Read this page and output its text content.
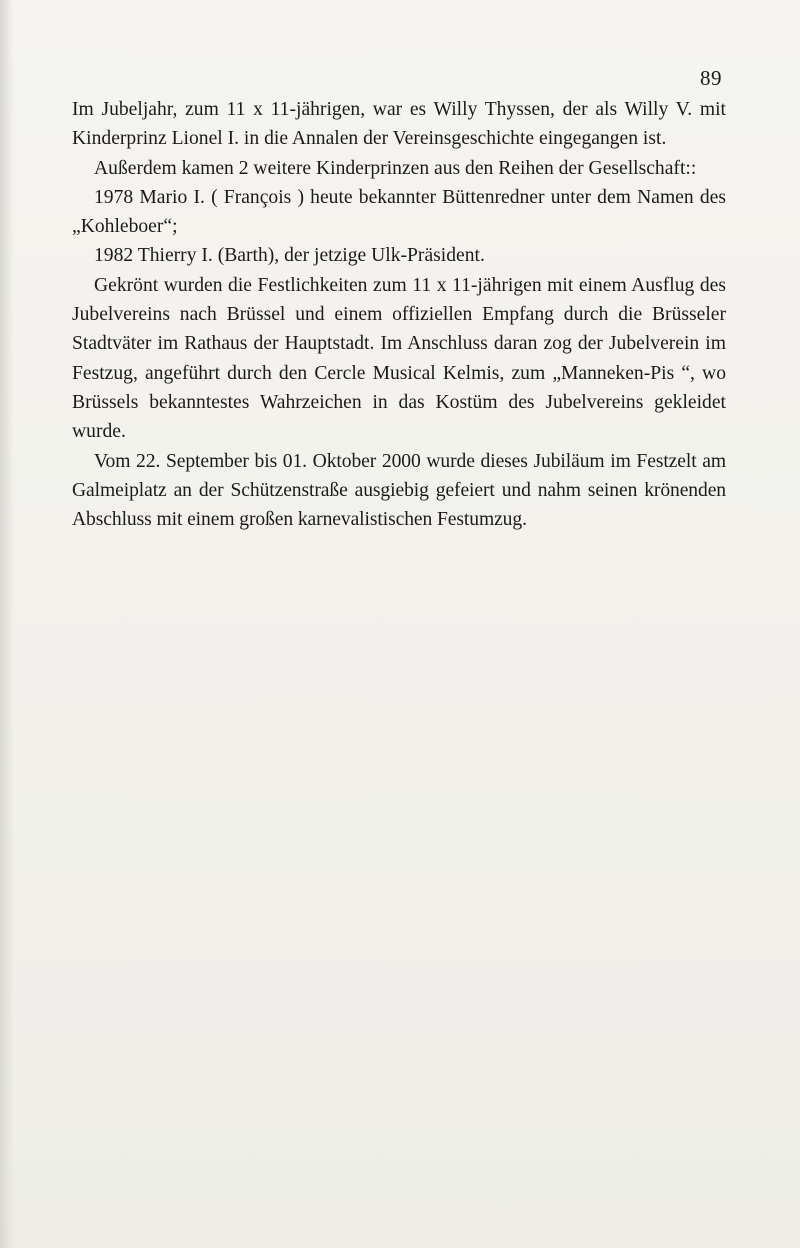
89

Im Jubeljahr, zum 11 x 11-jährigen, war es Willy Thyssen, der als Willy V. mit Kinderprinz Lionel I. in die Annalen der Vereinsgeschichte eingegangen ist.

Außerdem kamen 2 weitere Kinderprinzen aus den Reihen der Gesellschaft::

1978 Mario I. ( François ) heute bekannter Büttenredner unter dem Namen des „Kohleboer“;

1982 Thierry I. (Barth), der jetzige Ulk-Präsident.

Gekrönt wurden die Festlichkeiten zum 11 x 11-jährigen mit einem Ausflug des Jubelvereins nach Brüssel und einem offiziellen Empfang durch die Brüsseler Stadtväter im Rathaus der Hauptstadt. Im Anschluss daran zog der Jubelverein im Festzug, angeführt durch den Cercle Musical Kelmis, zum „Manneken-Pis “, wo Brüssels bekanntestes Wahrzeichen in das Kostüm des Jubelvereins gekleidet wurde.

Vom 22. September bis 01. Oktober 2000 wurde dieses Jubiläum im Festzelt am Galmeiplatz an der Schützenstraße ausgiebig gefeiert und nahm seinen krönenden Abschluss mit einem großen karnevalistischen Festumzug.
